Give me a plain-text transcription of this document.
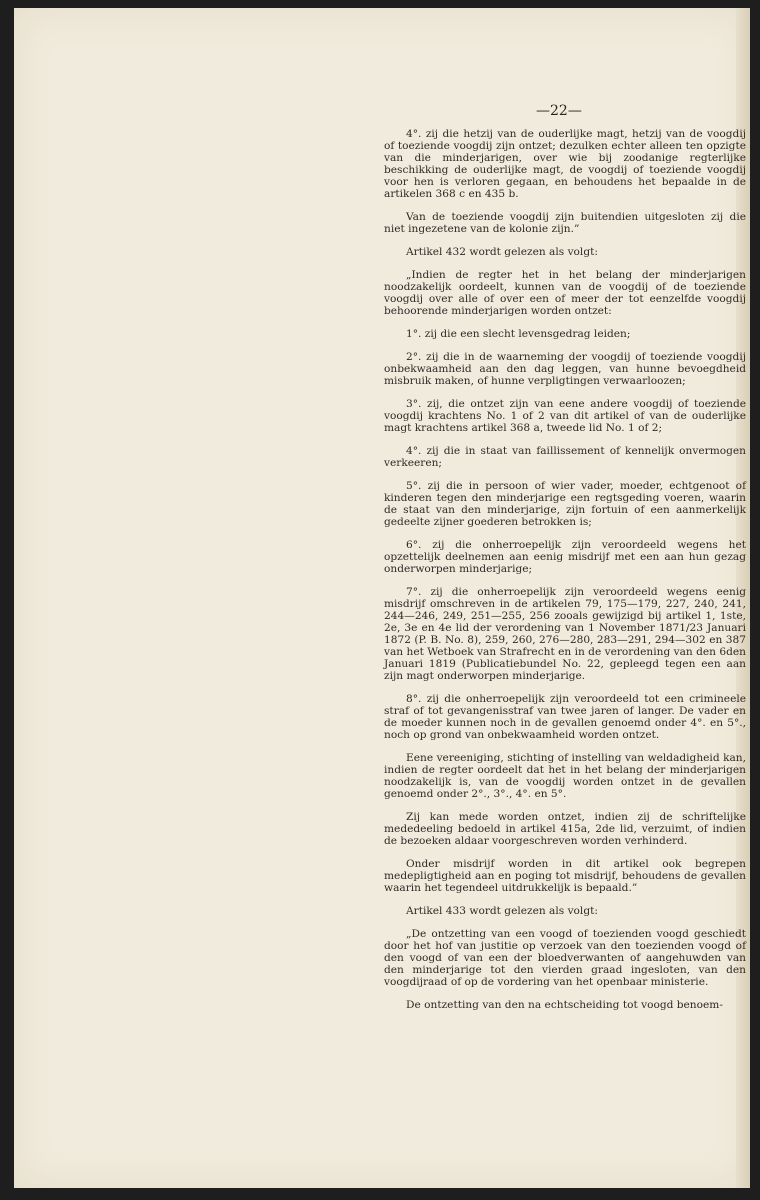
—22—

4°. zij die hetzij van de ouderlijke magt, hetzij van de voogdij of toeziende voogdij zijn ontzet; dezulken echter alleen ten opzigte van die minderjarigen, over wie bij zoodanige regterlijke beschikking de ouderlijke magt, de voogdij of toeziende voogdij voor hen is verloren gegaan, en behoudens het bepaalde in de artikelen 368 c en 435 b.

Van de toeziende voogdij zijn buitendien uitgesloten zij die niet ingezetene van de kolonie zijn.”

Artikel 432 wordt gelezen als volgt:

„Indien de regter het in het belang der minderjarigen noodzakelijk oordeelt, kunnen van de voogdij of de toeziende voogdij over alle of over een of meer der tot eenzelfde voogdij behoorende minderjarigen worden ontzet:

1°. zij die een slecht levensgedrag leiden;

2°. zij die in de waarneming der voogdij of toeziende voogdij onbekwaamheid aan den dag leggen, van hunne bevoegdheid misbruik maken, of hunne verpligtingen verwaarloozen;

3°. zij, die ontzet zijn van eene andere voogdij of toeziende voogdij krachtens No. 1 of 2 van dit artikel of van de ouderlijke magt krachtens artikel 368 a, tweede lid No. 1 of 2;

4°. zij die in staat van faillissement of kennelijk onvermogen verkeeren;

5°. zij die in persoon of wier vader, moeder, echtgenoot of kinderen tegen den minderjarige een regtsgeding voeren, waarin de staat van den minderjarige, zijn fortuin of een aanmerkelijk gedeelte zijner goederen betrokken is;

6°. zij die onherroepelijk zijn veroordeeld wegens het opzettelijk deelnemen aan eenig misdrijf met een aan hun gezag onderworpen minderjarige;

7°. zij die onherroepelijk zijn veroordeeld wegens eenig misdrijf omschreven in de artikelen 79, 175—179, 227, 240, 241, 244—246, 249, 251—255, 256 zooals gewijzigd bij artikel 1, 1ste, 2e, 3e en 4e lid der verordening van 1 November 1871/23 Januari 1872 (P. B. No. 8), 259, 260, 276—280, 283—291, 294—302 en 387 van het Wetboek van Strafrecht en in de verordening van den 6den Januari 1819 (Publicatiebundel No. 22, gepleegd tegen een aan zijn magt onderworpen minderjarige.

8°. zij die onherroepelijk zijn veroordeeld tot een crimineele straf of tot gevangenisstraf van twee jaren of langer. De vader en de moeder kunnen noch in de gevallen genoemd onder 4°. en 5°., noch op grond van onbekwaamheid worden ontzet.

Eene vereeniging, stichting of instelling van weldadigheid kan, indien de regter oordeelt dat het in het belang der minderjarigen noodzakelijk is, van de voogdij worden ontzet in de gevallen genoemd onder 2°., 3°., 4°. en 5°.

Zij kan mede worden ontzet, indien zij de schriftelijke mededeeling bedoeld in artikel 415a, 2de lid, verzuimt, of indien de bezoeken aldaar voorgeschreven worden verhinderd.

Onder misdrijf worden in dit artikel ook begrepen medepligtigheid aan en poging tot misdrijf, behoudens de gevallen waarin het tegendeel uitdrukkelijk is bepaald.”

Artikel 433 wordt gelezen als volgt:

„De ontzetting van een voogd of toezienden voogd geschiedt door het hof van justitie op verzoek van den toezienden voogd of den voogd of van een der bloedverwanten of aangehuwden van den minderjarige tot den vierden graad ingesloten, van den voogdijraad of op de vordering van het openbaar ministerie.

De ontzetting van den na echtscheiding tot voogd benoem-
